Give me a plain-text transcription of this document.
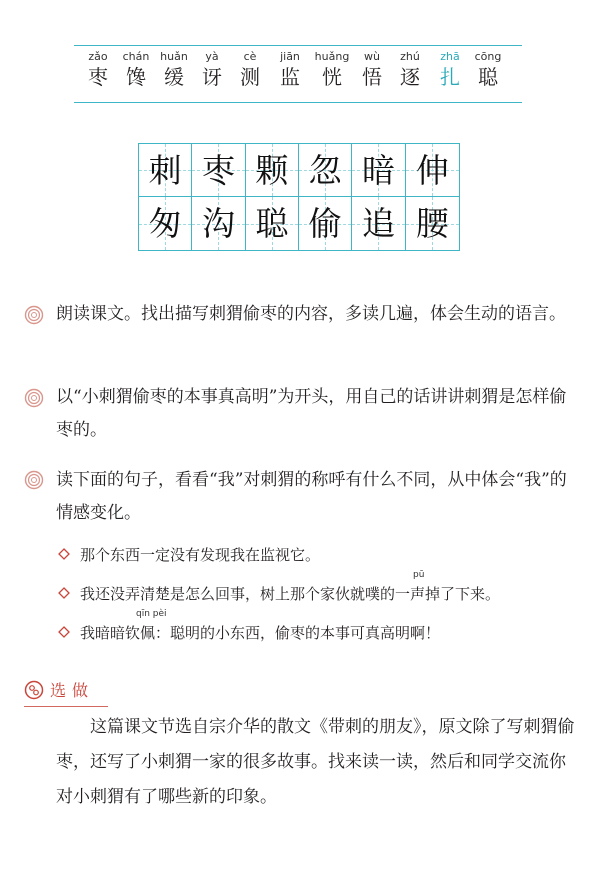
zǎo
枣
chán
馋
huǎn
缓
yà
讶
cè
测
jiān
监
huǎng
恍
wù
悟
zhú
逐
zhā
扎
cōng
聪
刺 枣 颗 忽 暗 伸
匆 沟 聪 偷 追 腰
朗读课文。找出描写刺猬偷枣的内容，多读几遍，体会生动的语言。
以“小刺猬偷枣的本事真高明”为开头，用自己的话讲讲刺猬是怎样偷枣的。
读下面的句子，看看“我”对刺猬的称呼有什么不同，从中体会“我”的情感变化。
那个东西一定没有发现我在监视它。
pū
我还没弄清楚是怎么回事，树上那个家伙就噗的一声掉了下来。
qīn pèi
我暗暗钦佩：聪明的小东西，偷枣的本事可真高明啊！
选做
这篇课文节选自宗介华的散文《带刺的朋友》，原文除了写刺猬偷枣，还写了小刺猬一家的很多故事。找来读一读，然后和同学交流你对小刺猬有了哪些新的印象。
